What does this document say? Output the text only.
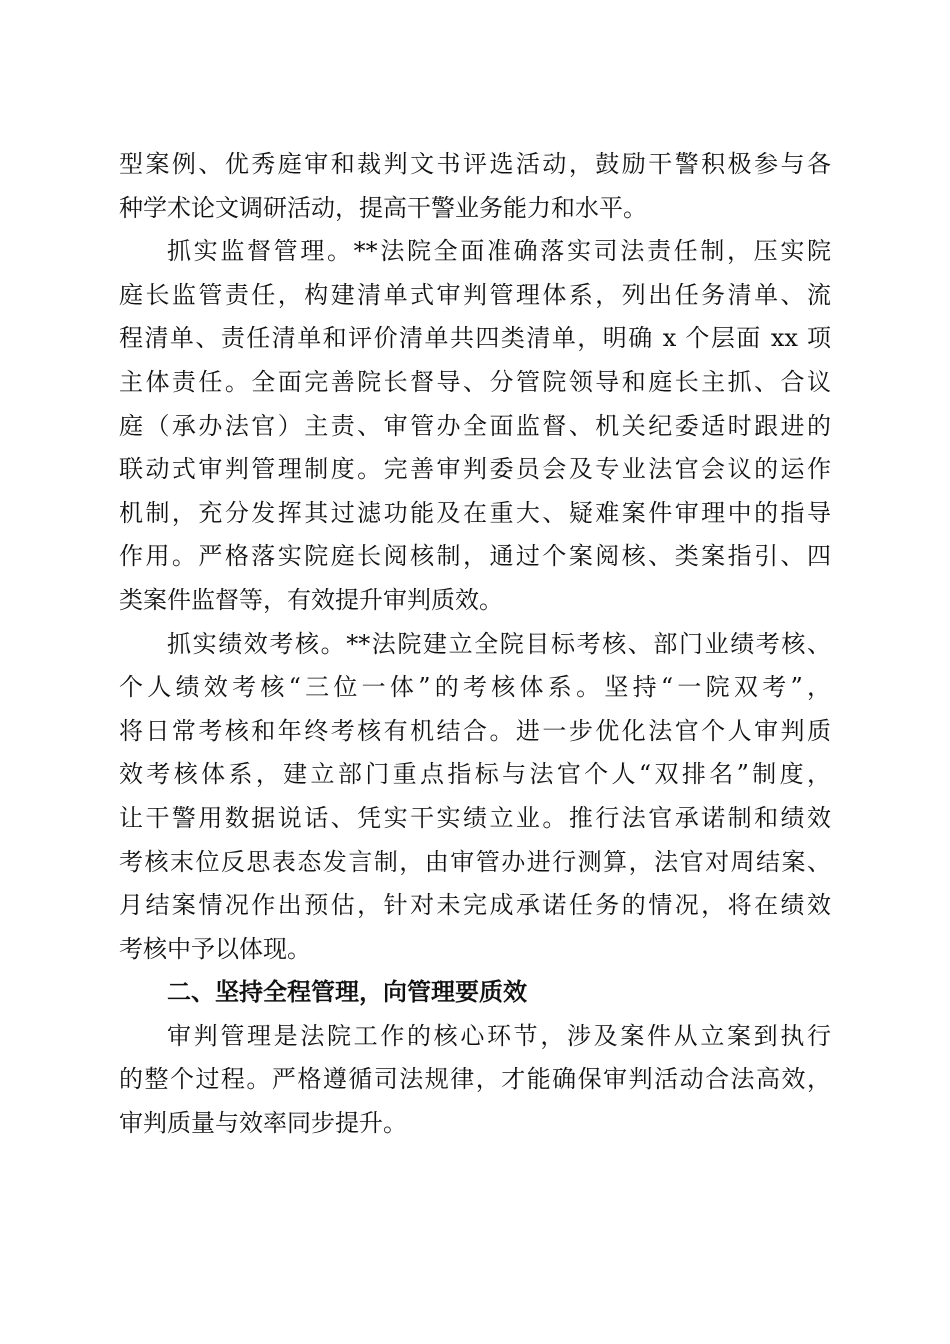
型案例、优秀庭审和裁判文书评选活动，鼓励干警积极参与各
种学术论文调研活动，提高干警业务能力和水平。
抓实监督管理。**法院全面准确落实司法责任制，压实院
庭长监管责任，构建清单式审判管理体系，列出任务清单、流
程清单、责任清单和评价清单共四类清单，明确 x 个层面 xx 项
主体责任。全面完善院长督导、分管院领导和庭长主抓、合议
庭（承办法官）主责、审管办全面监督、机关纪委适时跟进的
联动式审判管理制度。完善审判委员会及专业法官会议的运作
机制，充分发挥其过滤功能及在重大、疑难案件审理中的指导
作用。严格落实院庭长阅核制，通过个案阅核、类案指引、四
类案件监督等，有效提升审判质效。
抓实绩效考核。**法院建立全院目标考核、部门业绩考核、
个人绩效考核“三位一体”的考核体系。坚持“一院双考”，
将日常考核和年终考核有机结合。进一步优化法官个人审判质
效考核体系，建立部门重点指标与法官个人“双排名”制度，
让干警用数据说话、凭实干实绩立业。推行法官承诺制和绩效
考核末位反思表态发言制，由审管办进行测算，法官对周结案、
月结案情况作出预估，针对未完成承诺任务的情况，将在绩效
考核中予以体现。
二、坚持全程管理，向管理要质效
审判管理是法院工作的核心环节，涉及案件从立案到执行
的整个过程。严格遵循司法规律，才能确保审判活动合法高效，
审判质量与效率同步提升。
